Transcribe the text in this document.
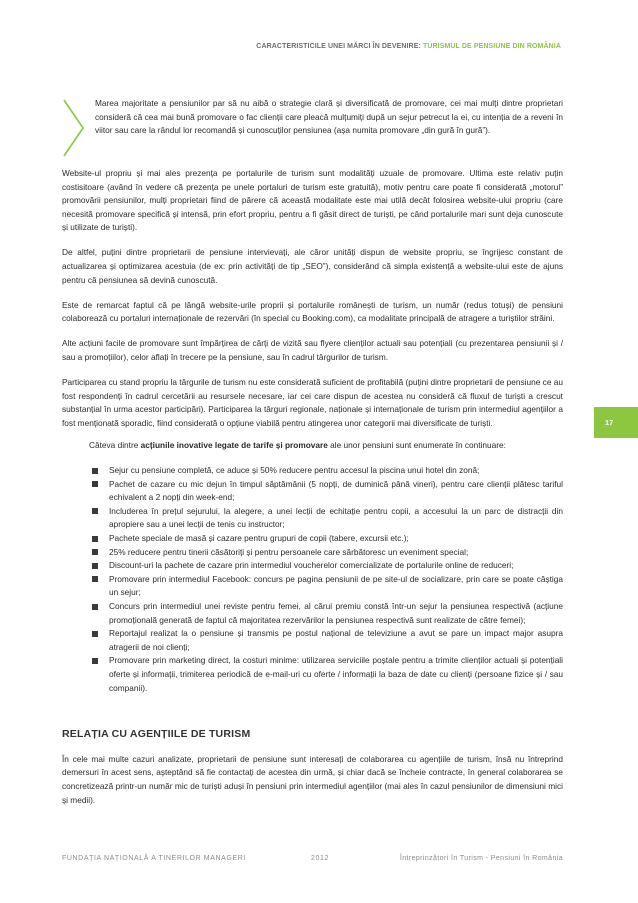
CARACTERISTICILE UNEI MĂRCI ÎN DEVENIRE: TURISMUL DE PENSIUNE DIN ROMÂNIA
Marea majoritate a pensiunilor par să nu aibă o strategie clară și diversificată de promovare, cei mai mulți dintre proprietari consideră că cea mai bună promovare o fac clienții care pleacă mulțumiți după un sejur petrecut la ei, cu intenția de a reveni în viitor sau care la rândul lor recomandă și cunoscuților pensiunea (așa numita promovare „din gură în gură”).

Website-ul propriu și mai ales prezența pe portalurile de turism sunt modalități uzuale de promovare. Ultima este relativ puțin costisitoare (având în vedere că prezența pe unele portaluri de turism este gratuită), motiv pentru care poate fi considerată „motorul” promovării pensiunilor, mulți proprietari fiind de părere că această modalitate este mai utilă decât folosirea website-ului propriu (care necesită promovare specifică și intensă, prin efort propriu, pentru a fi găsit direct de turiști, pe când portalurile mari sunt deja cunoscute și utilizate de turiști).

De altfel, puțini dintre proprietarii de pensiune intervievați, ale căror unități dispun de website propriu, se îngrijesc constant de actualizarea și optimizarea acestuia (de ex: prin activități de tip „SEO”), considerând că simpla existență a website-ului este de ajuns pentru că pensiunea să devină cunoscută.

Este de remarcat faptul că pe lângă website-urile proprii și portalurile românești de turism, un număr (redus totuși) de pensiuni colaborează cu portaluri internaționale de rezervări (în special cu Booking.com), ca modalitate principală de atragere a turiștilor străini.

Alte acțiuni facile de promovare sunt împărțirea de cărți de vizită sau flyere clienților actuali sau potențiali (cu prezentarea pensiunii și / sau a promoțiilor), celor aflați în trecere pe la pensiune, sau în cadrul târgurilor de turism.

Participarea cu stand propriu la târgurile de turism nu este considerată suficient de profitabilă (puțini dintre proprietarii de pensiune ce au fost respondenți în cadrul cercetării au resursele necesare, iar cei care dispun de acestea nu consideră că fluxul de turiști a crescut substanțial în urma acestor participări). Participarea la târguri regionale, naționale și internaționale de turism prin intermediul agențiilor a fost menționată sporadic, fiind considerată o opțiune viabilă pentru atingerea unor categorii mai diversificate de turiști.

Câteva dintre acțiunile inovative legate de tarife și promovare ale unor pensiuni sunt enumerate în continuare:

Sejur cu pensiune completă, ce aduce și 50% reducere pentru accesul la piscina unui hotel din zonă;
Pachet de cazare cu mic dejun în timpul săptămânii (5 nopți, de duminică până vineri), pentru care clienții plătesc tariful echivalent a 2 nopți din week-end;
Includerea în prețul sejurului, la alegere, a unei lecții de echitație pentru copii, a accesului la un parc de distracții din apropiere sau a unei lecții de tenis cu instructor;
Pachete speciale de masă și cazare pentru grupuri de copii (tabere, excursii etc.);
25% reducere pentru tinerii căsătoriți și pentru persoanele care sărbătoresc un eveniment special;
Discount-uri la pachete de cazare prin intermediul voucherelor comercializate de portalurile online de reduceri;
Promovare prin intermediul Facebook: concurs pe pagina pensiunii de pe site-ul de socializare, prin care se poate câștiga un sejur;
Concurs prin intermediul unei reviste pentru femei, al cărui premiu constă într-un sejur la pensiunea respectivă (acțiune promoțională generată de faptul că majoritatea rezervărilor la pensiunea respectivă sunt realizate de către femei);
Reportajul realizat la o pensiune și transmis pe postul național de televiziune a avut se pare un impact major asupra atragerii de noi clienți;
Promovare prin marketing direct, la costuri minime: utilizarea serviciile poștale pentru a trimite clienților actuali și potențiali oferte și informații, trimiterea periodică de e-mail-uri cu oferte / informații la baza de date cu clienți (persoane fizice și / sau companii).
RELAȚIA CU AGENȚIILE DE TURISM

În cele mai multe cazuri analizate, proprietarii de pensiune sunt interesați de colaborarea cu agențiile de turism, însă nu întreprind demersuri în acest sens, așteptând să fie contactați de acestea din urmă, și chiar dacă se încheie contracte, în general colaborarea se concretizează printr-un număr mic de turiști aduși în pensiuni prin intermediul agențiilor (mai ales în cazul pensiunilor de dimensiuni mici și medii).

17
FUNDAȚIA NAȚIONALĂ A TINERILOR MANAGERI	2012	Întreprinzători în Turism - Pensiuni în România
